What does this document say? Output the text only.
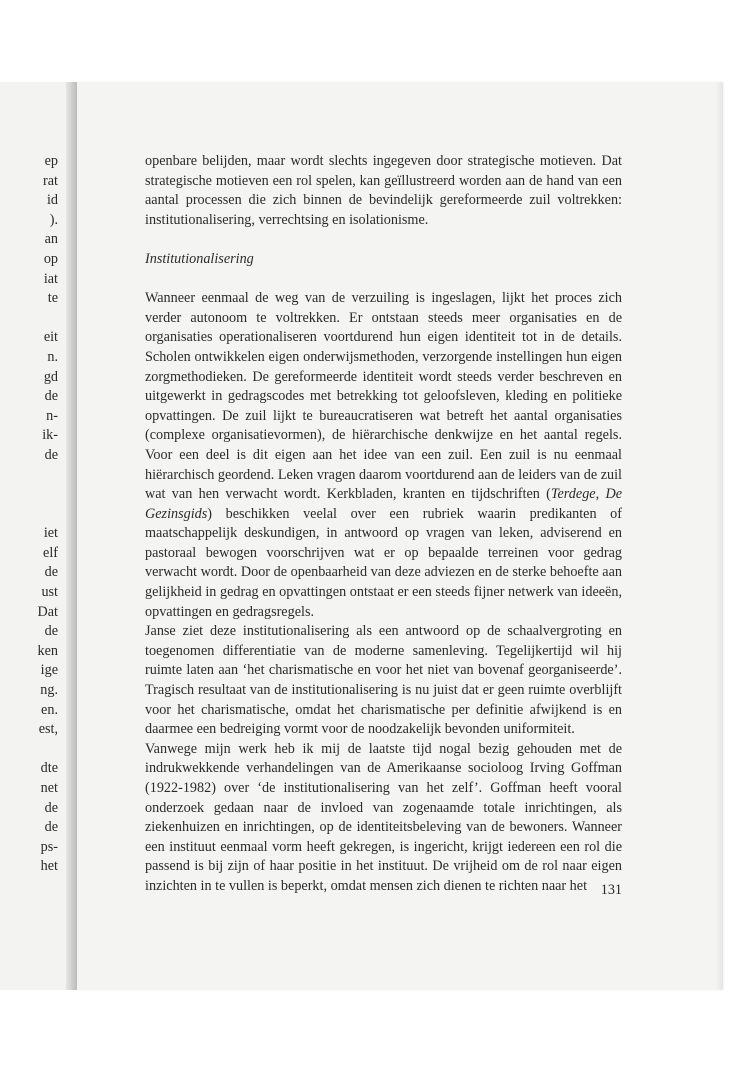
ep
rat
id
).
an
op
iat
te
eit
n.
gd
de
n-
ik-
de
iet
elf
de
ust
Dat
de
ken
ige
ng.
en.
est,
dte
net
de
de
ps-
het

openbare belijden, maar wordt slechts ingegeven door strategische motieven. Dat strategische motieven een rol spelen, kan geïllustreerd worden aan de hand van een aantal processen die zich binnen de bevindelijk gereformeerde zuil voltrekken: institutionalisering, verrechtsing en isolationisme.

Institutionalisering

Wanneer eenmaal de weg van de verzuiling is ingeslagen, lijkt het proces zich verder autonoom te voltrekken. Er ontstaan steeds meer organisaties en de organisaties operationaliseren voortdurend hun eigen identiteit tot in de details. Scholen ontwikkelen eigen onderwijsmethoden, verzorgende instellingen hun eigen zorgmethodieken. De gereformeerde identiteit wordt steeds verder beschreven en uitgewerkt in gedragscodes met betrekking tot geloofsleven, kleding en politieke opvattingen. De zuil lijkt te bureaucratiseren wat betreft het aantal organisaties (complexe organisatievormen), de hiërarchische denkwijze en het aantal regels. Voor een deel is dit eigen aan het idee van een zuil. Een zuil is nu eenmaal hiërarchisch geordend. Leken vragen daarom voortdurend aan de leiders van de zuil wat van hen verwacht wordt. Kerkbladen, kranten en tijdschriften (Terdege, De Gezinsgids) beschikken veelal over een rubriek waarin predikanten of maatschappelijk deskundigen, in antwoord op vragen van leken, adviserend en pastoraal bewogen voorschrijven wat er op bepaalde terreinen voor gedrag verwacht wordt. Door de openbaarheid van deze adviezen en de sterke behoefte aan gelijkheid in gedrag en opvattingen ontstaat er een steeds fijner netwerk van ideeën, opvattingen en gedragsregels.

Janse ziet deze institutionalisering als een antwoord op de schaalvergroting en toegenomen differentiatie van de moderne samenleving. Tegelijkertijd wil hij ruimte laten aan ‘het charismatische en voor het niet van bovenaf georganiseerde’. Tragisch resultaat van de institutionalisering is nu juist dat er geen ruimte overblijft voor het charismatische, omdat het charismatische per definitie afwijkend is en daarmee een bedreiging vormt voor de noodzakelijk bevonden uniformiteit.

Vanwege mijn werk heb ik mij de laatste tijd nogal bezig gehouden met de indrukwekkende verhandelingen van de Amerikaanse socioloog Irving Goffman (1922-1982) over ‘de institutionalisering van het zelf’. Goffman heeft vooral onderzoek gedaan naar de invloed van zogenaamde totale inrichtingen, als ziekenhuizen en inrichtingen, op de identiteitsbeleving van de bewoners. Wanneer een instituut eenmaal vorm heeft gekregen, is ingericht, krijgt iedereen een rol die passend is bij zijn of haar positie in het instituut. De vrijheid om de rol naar eigen inzichten in te vullen is beperkt, omdat mensen zich dienen te richten naar het 131
